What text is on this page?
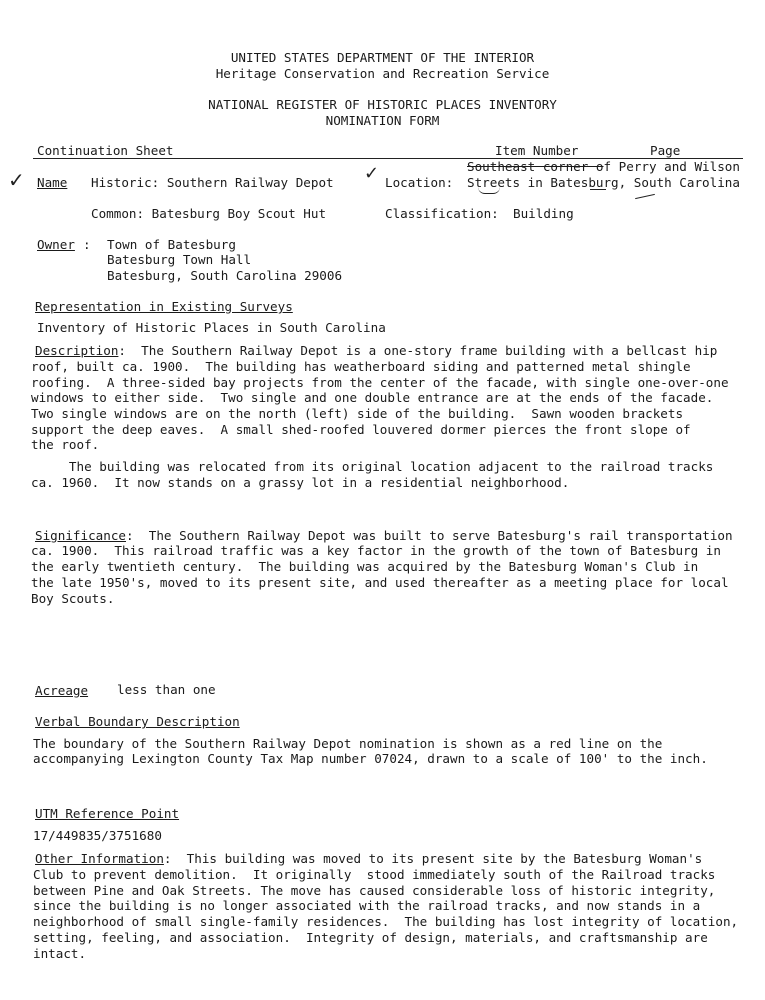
UNITED STATES DEPARTMENT OF THE INTERIOR
Heritage Conservation and Recreation Service
NATIONAL REGISTER OF HISTORIC PLACES INVENTORY
NOMINATION FORM
Continuation Sheet	Item Number	Page
✓	✓
Name Historic: Southern Railway Depot
Common: Batesburg Boy Scout Hut
Location:
Southeast corner of Perry and Wilson
Streets in Batesburg, South Carolina
Classification: Building
Owner : Town of Batesburg
Batesburg Town Hall
Batesburg, South Carolina 29006
Representation in Existing Surveys
Inventory of Historic Places in South Carolina
Description:  The Southern Railway Depot is a one-story frame building with a bellcast hip
roof, built ca. 1900.  The building has weatherboard siding and patterned metal shingle
roofing.  A three-sided bay projects from the center of the facade, with single one-over-one
windows to either side.  Two single and one double entrance are at the ends of the facade.
Two single windows are on the north (left) side of the building.  Sawn wooden brackets
support the deep eaves.  A small shed-roofed louvered dormer pierces the front slope of
the roof.
The building was relocated from its original location adjacent to the railroad tracks
ca. 1960.  It now stands on a grassy lot in a residential neighborhood.
Significance:  The Southern Railway Depot was built to serve Batesburg's rail transportation
ca. 1900.  This railroad traffic was a key factor in the growth of the town of Batesburg in
the early twentieth century.  The building was acquired by the Batesburg Woman's Club in
the late 1950's, moved to its present site, and used thereafter as a meeting place for local
Boy Scouts.
Acreage less than one
Verbal Boundary Description
The boundary of the Southern Railway Depot nomination is shown as a red line on the
accompanying Lexington County Tax Map number 07024, drawn to a scale of 100' to the inch.
UTM Reference Point
17/449835/3751680
Other Information:  This building was moved to its present site by the Batesburg Woman's
Club to prevent demolition.  It originally  stood immediately south of the Railroad tracks
between Pine and Oak Streets. The move has caused considerable loss of historic integrity,
since the building is no longer associated with the railroad tracks, and now stands in a
neighborhood of small single-family residences.  The building has lost integrity of location,
setting, feeling, and association.  Integrity of design, materials, and craftsmanship are
intact.
